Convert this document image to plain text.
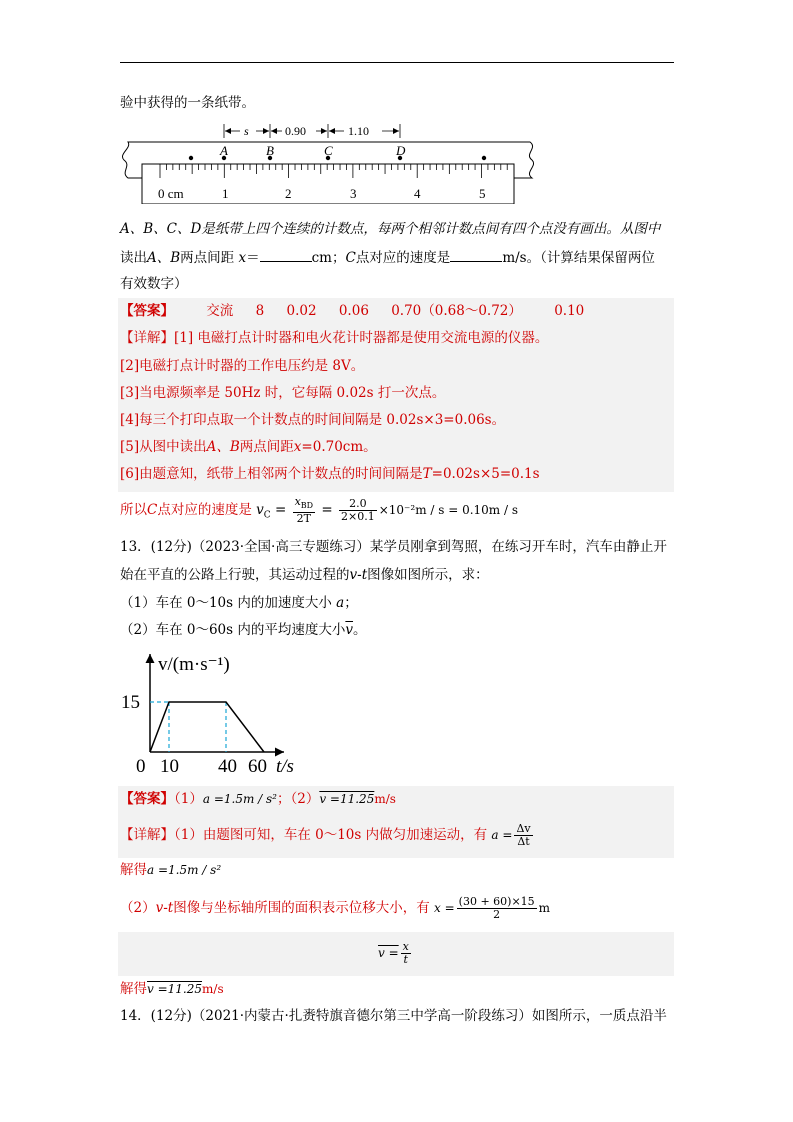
验中获得的一条纸带。
A	B	C	D
s	0.90	1.10
0 cm	1	2	3	4	5
A、B、C、D是纸带上四个连续的计数点，每两个相邻计数点间有四个点没有画出。从图中
读出A、B两点间距 x＝	cm；C点对应的速度是	m/s。（计算结果保留两位
有效数字）
【答案】 交流 8 0.02 0.06 0.70（0.68～0.72） 0.10
【详解】[1] 电磁打点计时器和电火花计时器都是使用交流电源的仪器。
[2]电磁打点计时器的工作电压约是 8V。
[3]当电源频率是 50Hz 时，它每隔 0.02s 打一次点。
[4]每三个打印点取一个计数点的时间间隔是 0.02s×3=0.06s。
[5]从图中读出A、B两点间距x=0.70cm。
[6]由题意知，纸带上相邻两个计数点的时间间隔是T=0.02s×5=0.1s
所以C点对应的速度是 $v_C = \frac{x_{BD}}{2T} = \frac{2.0}{2\times 0.1} \times 10^{-2}m / s = 0.10m / s$
13．(12分)（2023·全国·高三专题练习）某学员刚拿到驾照，在练习开车时，汽车由静止开
始在平直的公路上行驶，其运动过程的v-t图像如图所示，求：
（1）车在 0～10s 内的加速度大小 a；
（2）车在 0～60s 内的平均速度大小$\overline{v}$。
v/(m·s⁻¹)
15
0 10 40 60 t/s
【答案】（1）a =1.5m / s²；（2）v =11.25m/s
【详解】（1）由题图可知，车在 0～10s 内做匀加速运动，有 $a = \frac{\Delta v}{\Delta t}$
解得a =1.5m / s²
（2）v-t图像与坐标轴所围的面积表示位移大小，有 $x = \frac{(30 + 60)\times 15}{2}$ m
$v = \frac{x}{t}$
解得v =11.25m/s
14．(12分)（2021·内蒙古·扎赉特旗音德尔第三中学高一阶段练习）如图所示，一质点沿半
